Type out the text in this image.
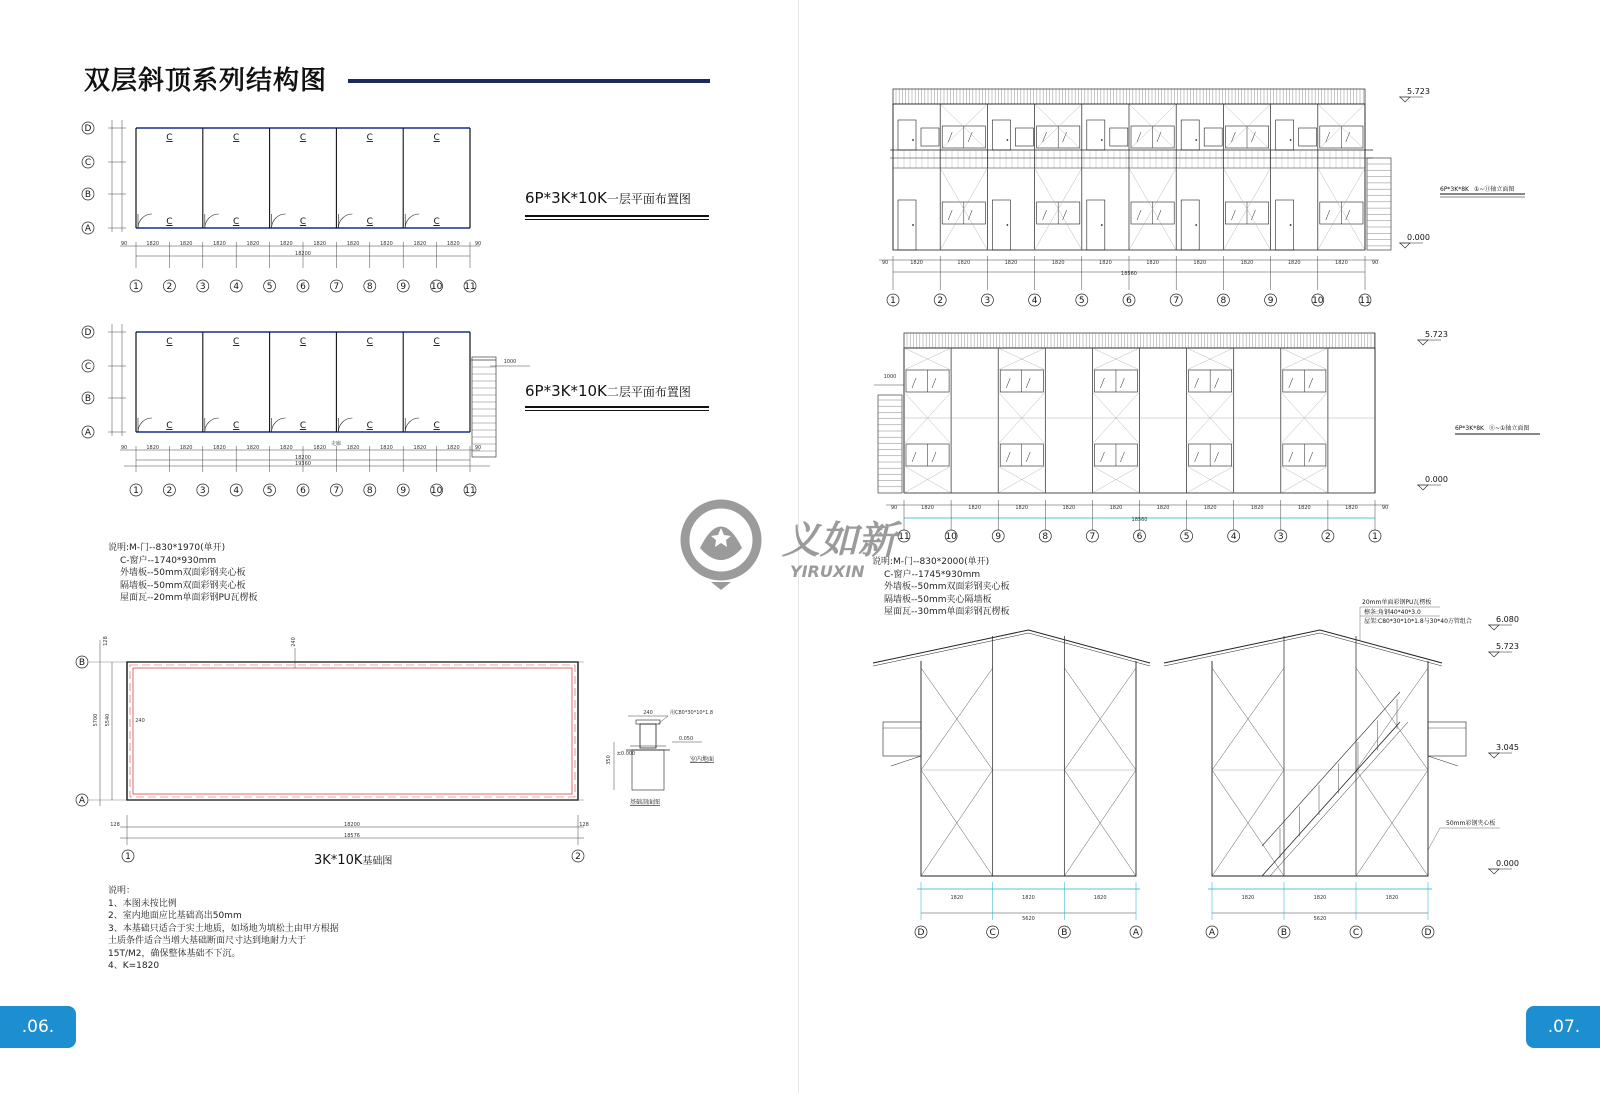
双层斜顶系列结构图
6P*3K*10K一层平面布置图
6P*3K*10K二层平面布置图
说明:M-门--830*1970(单开)
C-窗户--1740*930mm
外墙板--50mm双面彩钢夹心板
隔墙板--50mm双面彩钢夹心板
屋面瓦--20mm单面彩钢PU瓦楞板
说明：
1、本图未按比例
2、室内地面应比基础高出50mm
3、本基础只适合于实土地质，如场地为填松土由甲方根据
土质条件适合当增大基础断面尺寸达到地耐力大于
15T/M2，确保整体基础不下沉。
4、K=1820
说明:M-门--830*2000(单开)
C-窗户--1745*930mm
外墙板--50mm双面彩钢夹心板
隔墙板--50mm夹心隔墙板
屋面瓦--30mm单面彩钢瓦楞板
3K*10K基础图
.06.	.07.
C
C
C
C
C
C
C
C
C
C
D
C
B
A
1	2	3	4	5	6	7	8	9	10 11
1820	1820	1820	1820	1820	1820	1820	1820	1820	1820
90	90
18200
C
C
C
C
C
C
C
C
C
C
D
C
B
A
1	2	3	4	5	6	7	8	9	10 11
1820	1820	1820	1820	1820	1820	1820	1820	1820	1820
90	90
18200
1000
走廊
19360
B
A
5700 5540	240
240
128
18200
18576
128	128
1	2
240	用C80*30*10*1.8
0.050
±0.000
350	室内地面
基础剖面图
1	2	3	4	5	6	7	8	9	10	11
1820	1820	1820	1820	1820	1820	1820	1820	1820	1820
90	90
18560
5.723
0.000
6P*3K*8K ①~⑪轴立面图
1000
11	10	9	8	7	6	5	4	3	2	1
1820	1820	1820	1820	1820	1820	1820	1820	1820	1820
90	90
18560
5.723
0.000
6P*3K*8K ⑪~①轴立面图
D	C	B	A
1820	1820	1820
5620
A	B	C	D
1820	1820	1820
5620
6.080
5.723
3.045
0.000
20mm单面彩钢PU瓦楞板
檩条:角钢40*40*3.0
屋架:C80*30*10*1.8与30*40方管组合
50mm彩钢夹心板
义如新
YIRUXIN
